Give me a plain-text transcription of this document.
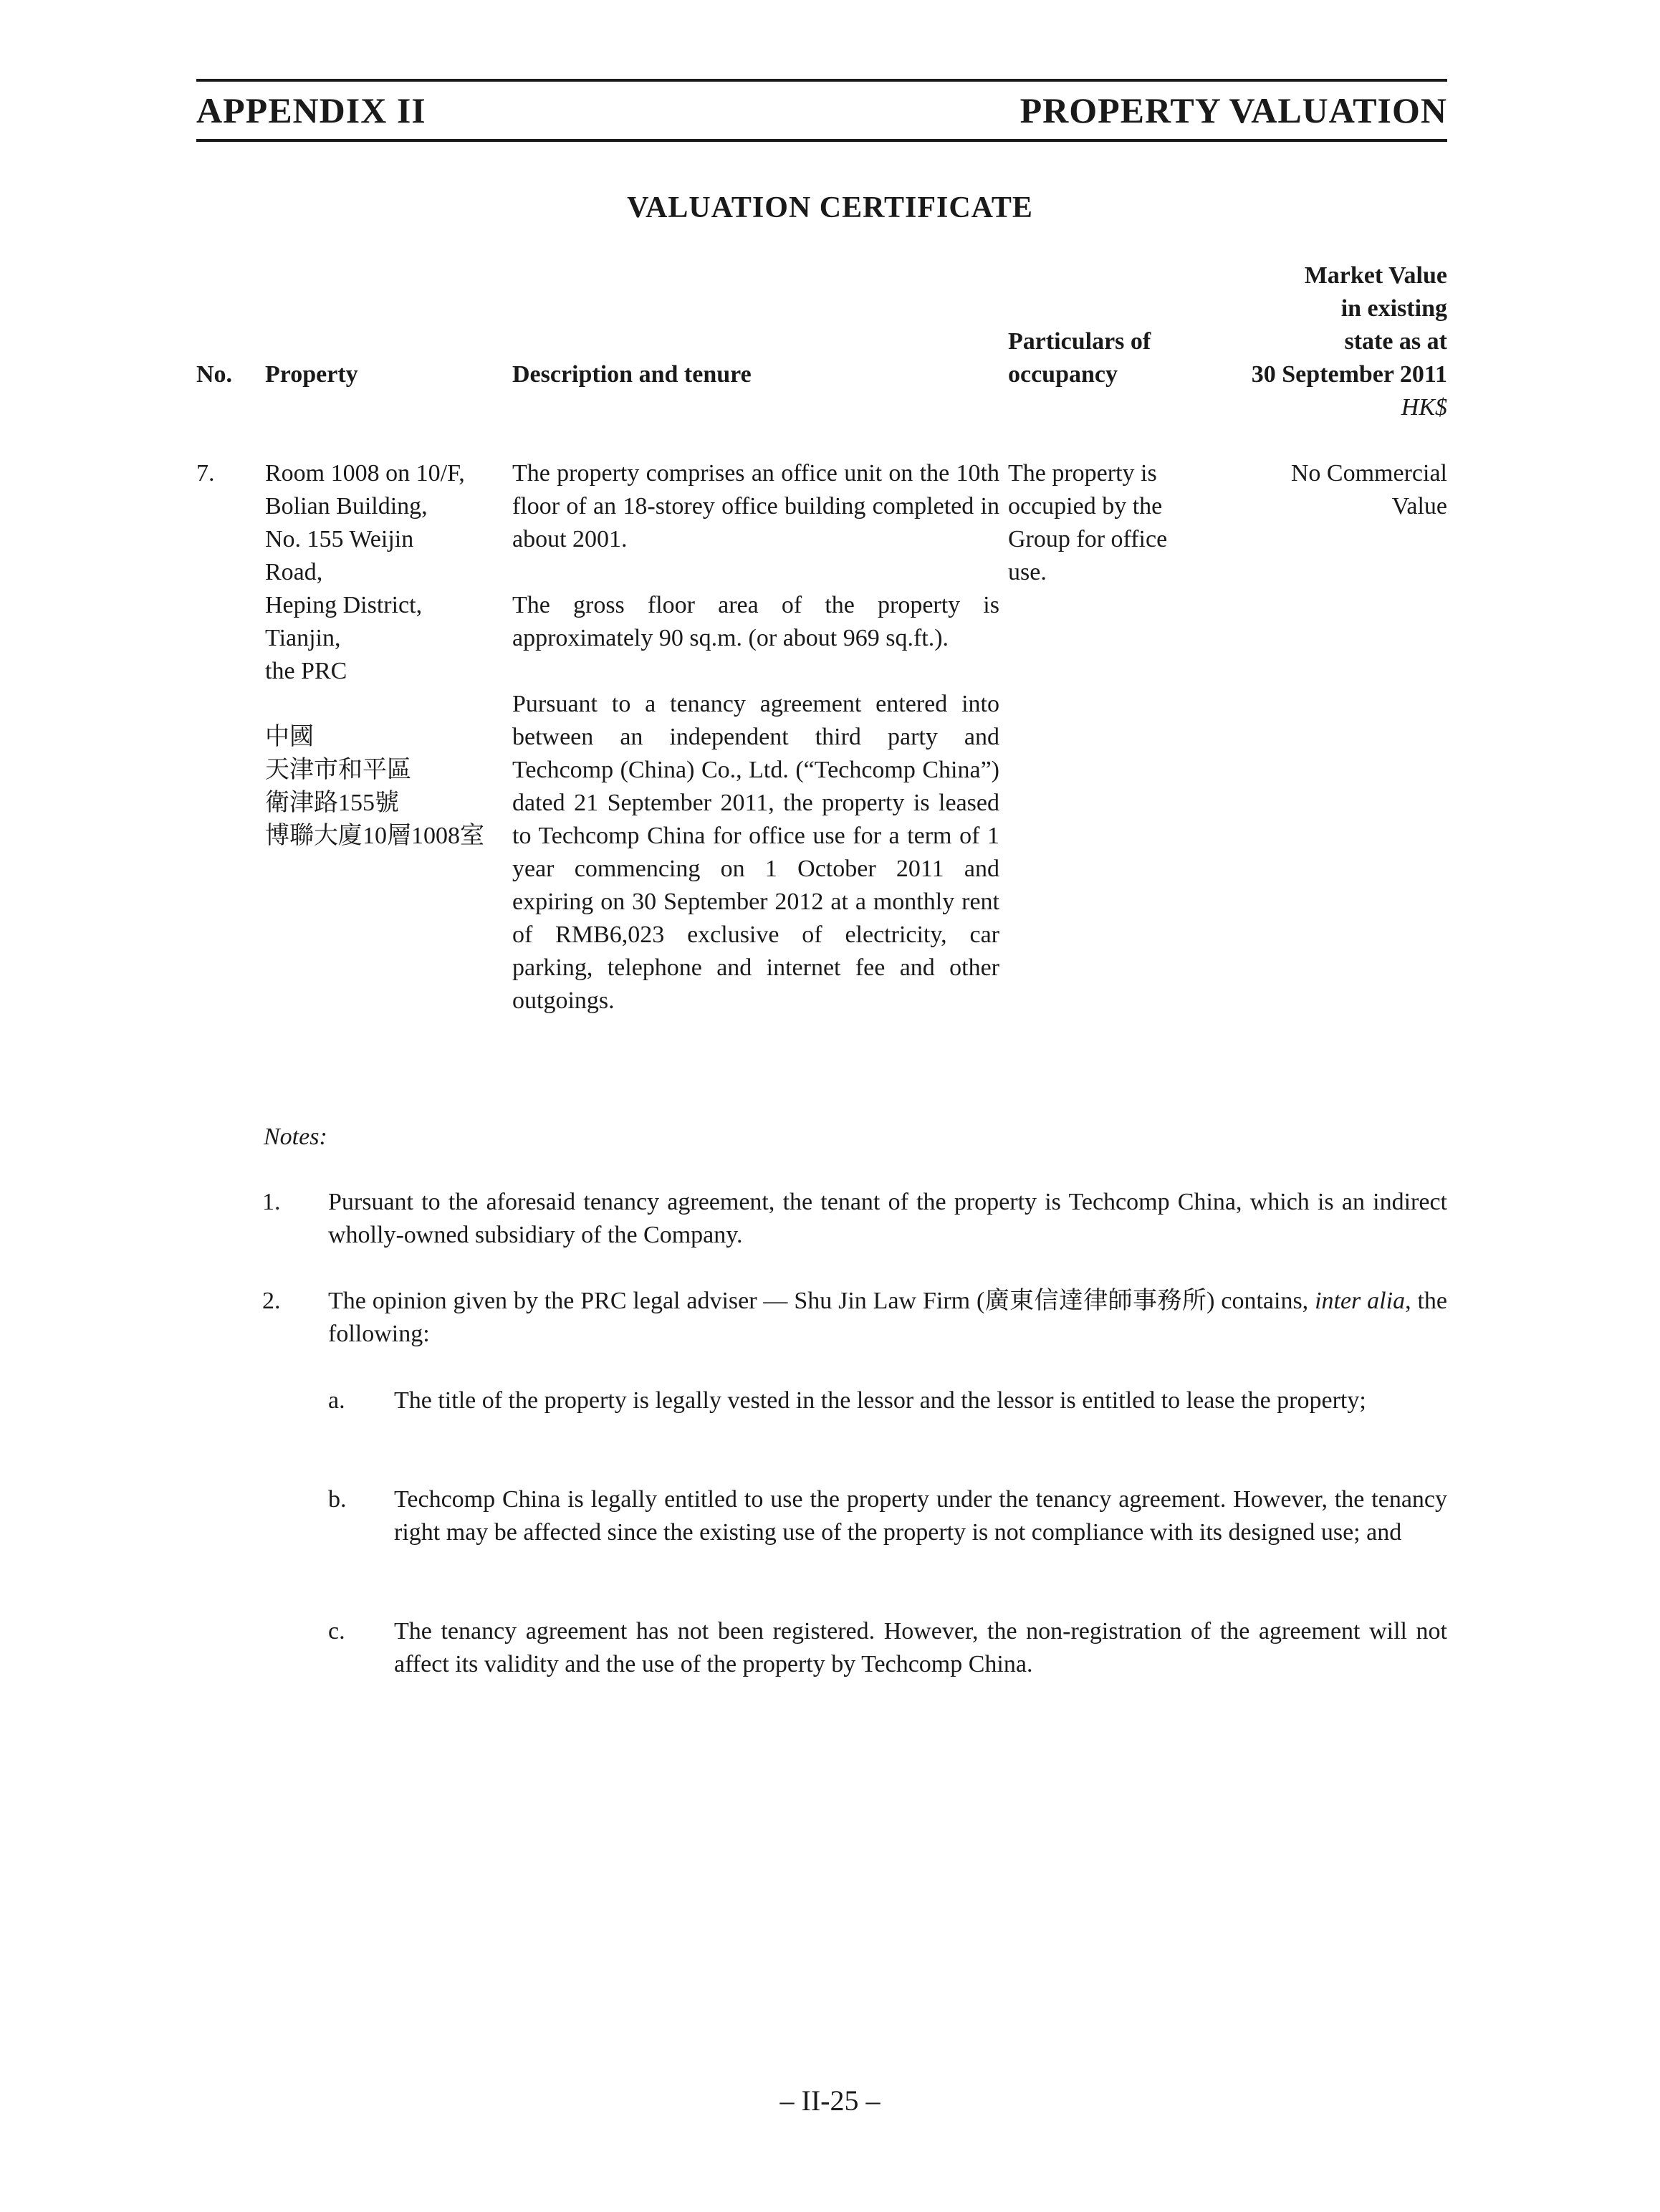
APPENDIX II	PROPERTY VALUATION
VALUATION CERTIFICATE
No. Property	Description and tenure
Particulars of
occupancy
Market Value
in existing
state as at
30 September 2011
HK$
7. Room 1008 on 10/F,
Bolian Building,
No. 155 Weijin
Road,
Heping District,
Tianjin,
the PRC
中國
天津市和平區
衛津路155號
博聯大廈10層1008室

The property comprises an office unit on the 10th floor of an 18-storey office building completed in about 2001.

The gross floor area of the property is approximately 90 sq.m. (or about 969 sq.ft.).

Pursuant to a tenancy agreement entered into between an independent third party and Techcomp (China) Co., Ltd. (“Techcomp China”) dated 21 September 2011, the property is leased to Techcomp China for office use for a term of 1 year commencing on 1 October 2011 and expiring on 30 September 2012 at a monthly rent of RMB6,023 exclusive of electricity, car parking, telephone and internet fee and other outgoings.

The property is
occupied by the
Group for office
use.
No Commercial
Value
Notes:
1. Pursuant to the aforesaid tenancy agreement, the tenant of the property is Techcomp China, which is an indirect wholly-owned subsidiary of the Company.
2. The opinion given by the PRC legal adviser — Shu Jin Law Firm (廣東信達律師事務所) contains, inter alia, the following:
a. The title of the property is legally vested in the lessor and the lessor is entitled to lease the property;
b. Techcomp China is legally entitled to use the property under the tenancy agreement. However, the tenancy right may be affected since the existing use of the property is not compliance with its designed use; and
c. The tenancy agreement has not been registered. However, the non-registration of the agreement will not affect its validity and the use of the property by Techcomp China.
– II-25 –
